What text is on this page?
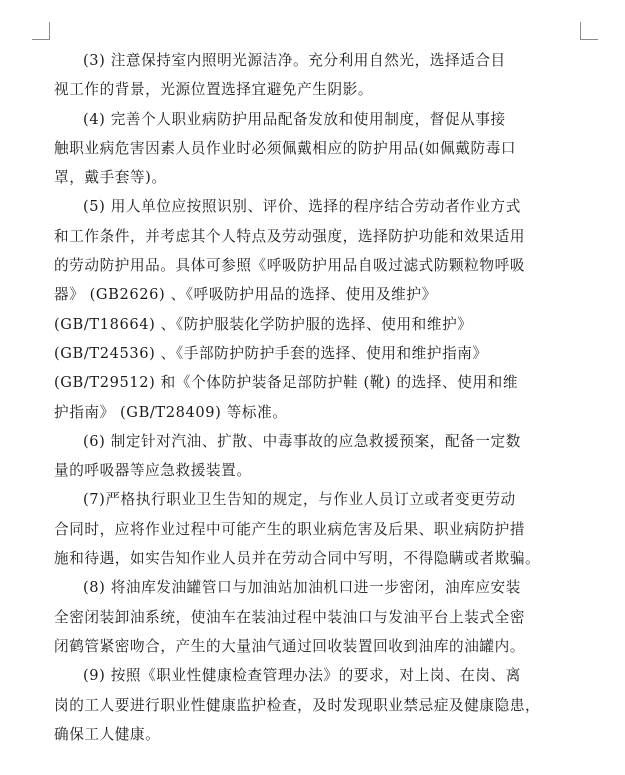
(3) 注意保持室内照明光源洁净。充分利用自然光，选择适合目
视工作的背景，光源位置选择宜避免产生阴影。

(4) 完善个人职业病防护用品配备发放和使用制度，督促从事接
触职业病危害因素人员作业时必须佩戴相应的防护用品(如佩戴防毒口
罩，戴手套等)。

(5) 用人单位应按照识别、评价、选择的程序结合劳动者作业方式
和工作条件，并考虑其个人特点及劳动强度，选择防护功能和效果适用
的劳动防护用品。具体可参照《呼吸防护用品自吸过滤式防颗粒物呼吸
器》 (GB2626) 、《呼吸防护用品的选择、使用及维护》
(GB/T18664) 、《防护服装化学防护服的选择、使用和维护》
(GB/T24536) 、《手部防护防护手套的选择、使用和维护指南》
(GB/T29512) 和《个体防护装备足部防护鞋 (靴) 的选择、使用和维
护指南》 (GB/T28409) 等标准。

(6) 制定针对汽油、扩散、中毒事故的应急救援预案，配备一定数
量的呼吸器等应急救援装置。

(7)严格执行职业卫生告知的规定，与作业人员订立或者变更劳动
合同时，应将作业过程中可能产生的职业病危害及后果、职业病防护措
施和待遇，如实告知作业人员并在劳动合同中写明，不得隐瞒或者欺骗。

(8) 将油库发油罐管口与加油站加油机口进一步密闭，油库应安装
全密闭装卸油系统，使油车在装油过程中装油口与发油平台上装式全密
闭鹤管紧密吻合，产生的大量油气通过回收装置回收到油库的油罐内。

(9) 按照《职业性健康检查管理办法》的要求，对上岗、在岗、离
岗的工人要进行职业性健康监护检查，及时发现职业禁忌症及健康隐患，
确保工人健康。
